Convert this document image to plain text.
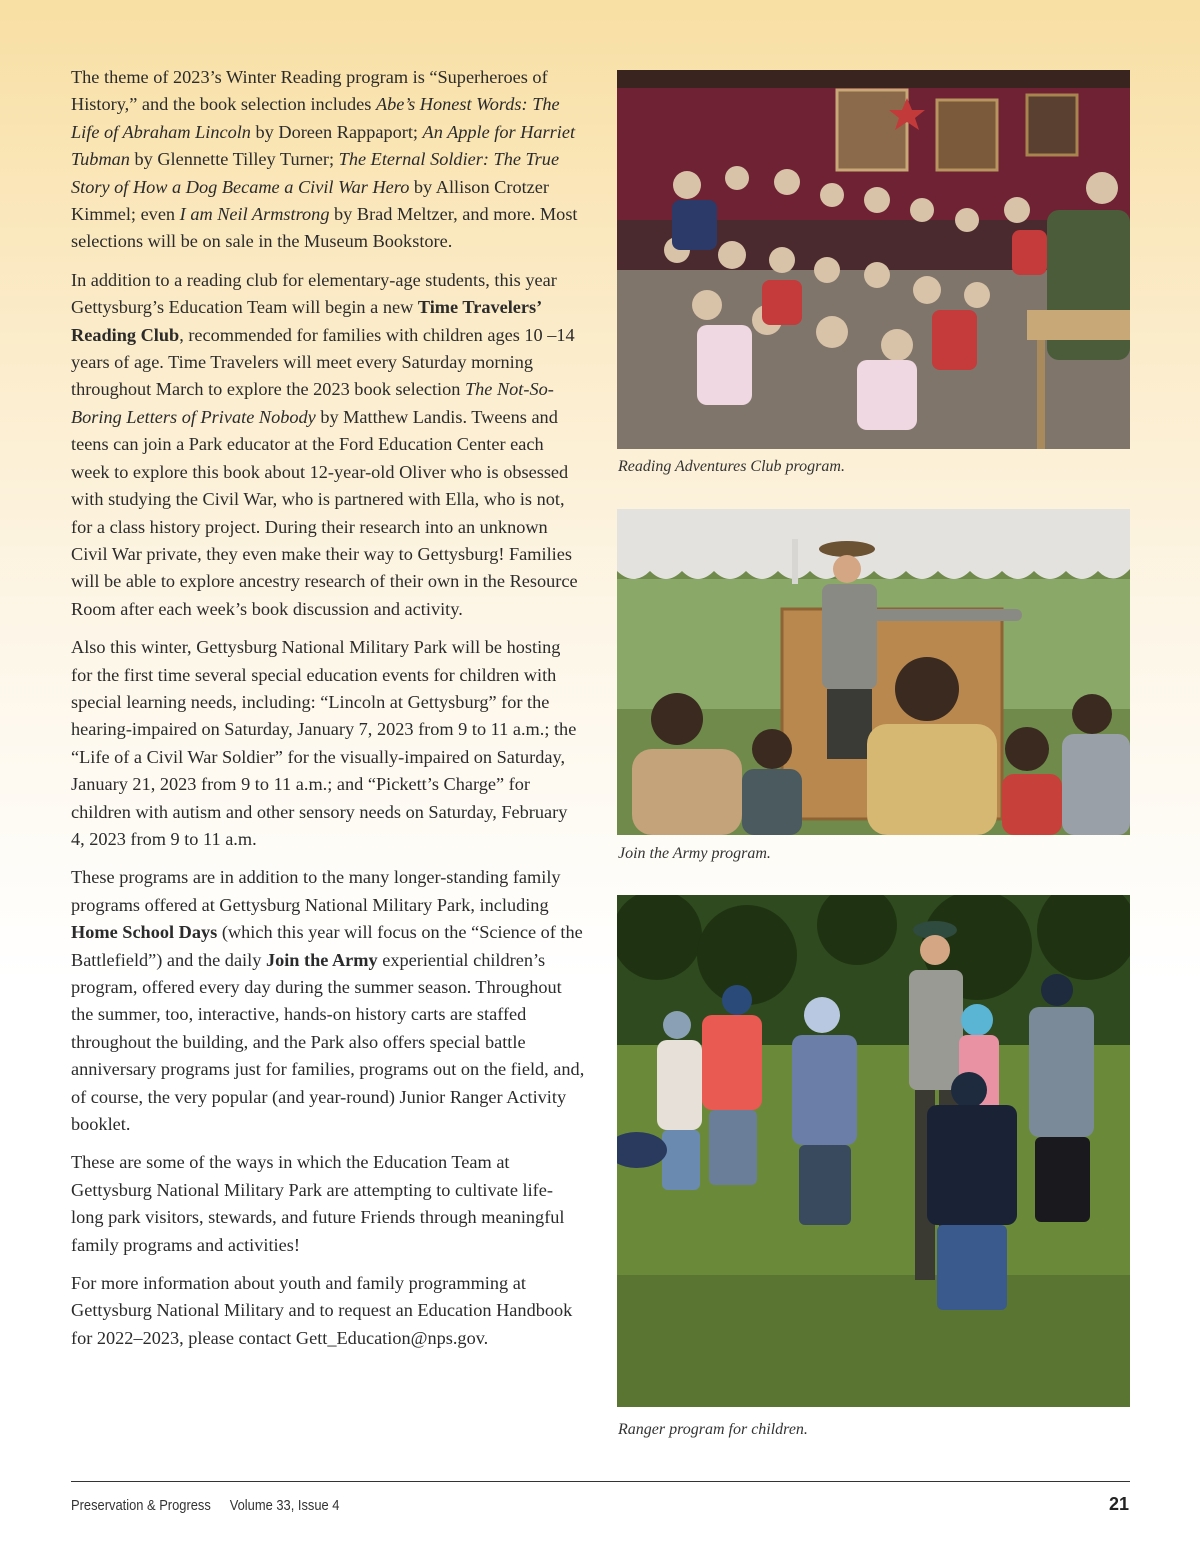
The theme of 2023’s Winter Reading program is “Superheroes of History,” and the book selection includes Abe’s Honest Words: The Life of Abraham Lincoln by Doreen Rappaport; An Apple for Harriet Tubman by Glennette Tilley Turner; The Eternal Soldier: The True Story of How a Dog Became a Civil War Hero by Allison Crotzer Kimmel; even I am Neil Armstrong by Brad Meltzer, and more. Most selections will be on sale in the Museum Bookstore.

In addition to a reading club for elementary-age students, this year Gettysburg’s Education Team will begin a new Time Travelers’ Reading Club, recommended for families with children ages 10 –14 years of age. Time Travelers will meet every Saturday morning throughout March to explore the 2023 book selection The Not-So-Boring Letters of Private Nobody by Matthew Landis. Tweens and teens can join a Park educator at the Ford Education Center each week to explore this book about 12-year-old Oliver who is obsessed with studying the Civil War, who is partnered with Ella, who is not, for a class history project. During their research into an unknown Civil War private, they even make their way to Gettysburg! Families will be able to explore ancestry research of their own in the Resource Room after each week’s book discussion and activity.

Also this winter, Gettysburg National Military Park will be hosting for the first time several special education events for children with special learning needs, including: “Lincoln at Gettysburg” for the hearing-impaired on Saturday, January 7, 2023 from 9 to 11 a.m.; the “Life of a Civil War Soldier” for the visually-impaired on Saturday, January 21, 2023 from 9 to 11 a.m.; and “Pickett’s Charge” for children with autism and other sensory needs on Saturday, February 4, 2023 from 9 to 11 a.m.

These programs are in addition to the many longer-standing family programs offered at Gettysburg National Military Park, including Home School Days (which this year will focus on the “Science of the Battlefield”) and the daily Join the Army experiential children’s program, offered every day during the summer season. Throughout the summer, too, interactive, hands-on history carts are staffed throughout the building, and the Park also offers special battle anniversary programs just for families, programs out on the field, and, of course, the very popular (and year-round) Junior Ranger Activity booklet.

These are some of the ways in which the Education Team at Gettysburg National Military Park are attempting to cultivate life-long park visitors, stewards, and future Friends through meaningful family programs and activities!

For more information about youth and family programming at Gettysburg National Military and to request an Education Handbook for 2022–2023, please contact Gett_Education@nps.gov.

Reading Adventures Club program.
Join the Army program.
Ranger program for children.
Preservation & Progress Volume 33, Issue 4	21
